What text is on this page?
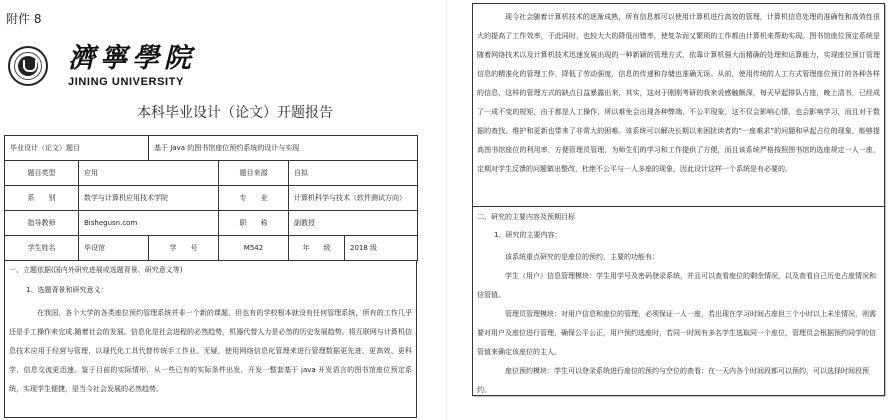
附件 8
濟寧學院
JINING UNIVERSITY
本科毕业设计（论文）开题报告
毕业设计（论文）题目		基于 Java 的图书馆座位预约系统的设计与实现			
题目类型	应用		题目来源	自拟	
系　　别	数学与计算机应用技术学院		专　　业	计算机科学与技术（软件测试方向）	
指导教师	Bishegusn.com		职　　称	副教授	
学生姓名	毕设馆	学　　号	M542	年　　级	2018 级
一、立题依据(国内外研究进展或选题背景、研究意义等)
1、选题背景和研究意义：

在我国，各个大学的各类座位预约管理系统并非一个新的课题，但也有的学校根本就没有任何管理系统，所有的工作几乎还是手工操作来完成.随着社会的发展，信息化是社会进程的必然趋势，机器代替人力是必然的历史发展趋势。将互联网与计算机信息技术应用于经营与管理，以现代化工具代替传统手工作业。无疑，使用网络信息化管理来进行管理数据更先进、更高效、更科学，信息交流更迅速。鉴于目前的实际情形，从一些已有的实际条件出发，开发一整套基于 java 开发语言的图书馆座位预定系统，实现学生便捷，是当今社会发展的必然趋势。

现今社会随着计算机技术的逐渐成熟，所有信息都可以使用计算机进行高效的管理，计算机信息处理的准确性和高效性很大的提高了工作效率，于此同时，也较大大的降低出错率，使复杂而又繁琐的工作都由计算机来帮助实现。图书馆座位预定系统是随着网络技术以及计算机技术迅速发展出现的一种新颖的管理方式，依靠计算机强大而精确的处理和运算能力，实现座位预订管理信息的精准化的管理工作，降低了劳动强度，信息的传递和存储也准确无误。从前，使用传统的人工方式管理座位预订的各种各样的信息，这样的管理方式的缺点日益暴露出来，其实，这对于刚刚考研的我来说感触颇深，每天早起排队占座，晚上清书，已经成了一成不变的规矩，由于都是人工操作，所以难免会出现各种弊端，不公平现象，这不仅会影响心情，也会影响学习，而且对于数据的查找、维护和更新也带来了非常大的困难。该系统可以解决长期以来困扰读者的“一座难求”的问题和早起占位的现象，能够提高图书馆座位的利用率，方便管理员管理，为师生们的学习和工作提供了方便，而且该系统严格按照图书馆的选座规定一人一座，定期对学生反馈的问题做出整改，杜绝不公平与一人多座的现象，因此设计这样一个系统是有必要的。

二、研究的主要内容及预期目标
1、研究的主要内容：
该系统重点研究的是座位的预约，主要的功能有：

学生（用户）信息管理模块：学生用学号及密码登录系统，并且可以查看座位的剩余情况，以及查看自己历史占座情况和信管值。

管理员管理模块：对用户信息和座位的管理，必须保证一人一座，若出现在学习时间占座但三个小时以上未坐情况，则需要对用户及座位进行管理，确保公平公正，用户预约选座时，若同一时间有多名学生选取同一个座位，管理员会根据预约同学的信管值来确定该座位的主人。

座位预约模块：学生可以登录系统进行座位的预约与空位的查看；在一天内各个时间段都可以预约，可以选择时间段预约。
